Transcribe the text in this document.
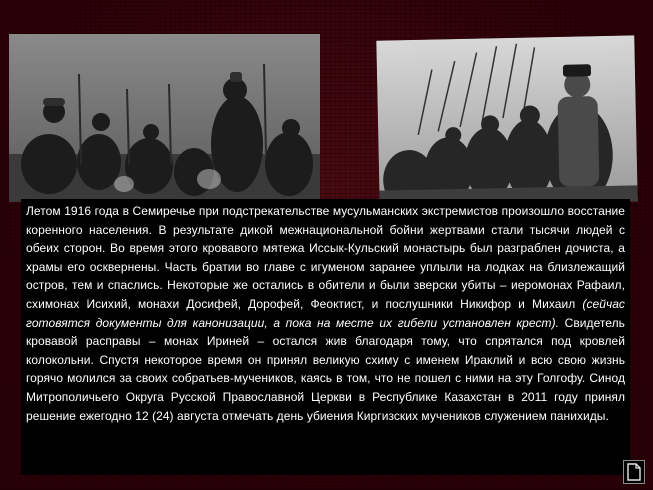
Летом 1916 года в Семиречье при подстрекательстве мусульманских экстремистов произошло восстание коренного населения. В результате дикой межнациональной бойни жертвами стали тысячи людей с обеих сторон. Во время этого кровавого мятежа Иссык-Кульский монастырь был разграблен дочиста, а храмы его осквернены. Часть братии во главе с игуменом заранее уплыли на лодках на близлежащий остров, тем и спаслись. Некоторые же остались в обители и были зверски убиты – иеромонах Рафаил, схимонах Исихий, монахи Досифей, Дорофей, Феоктист, и послушники Никифор и Михаил (сейчас готовятся документы для канонизации, а пока на месте их гибели установлен крест). Свидетель кровавой расправы – монах Ириней – остался жив благодаря тому, что спрятался под кровлей колокольни. Спустя некоторое время он принял великую схиму с именем Ираклий и всю свою жизнь горячо молился за своих собратьев-мучеников, каясь в том, что не пошел с ними на эту Голгофу. Синод Митрополичьего Округа Русской Православной Церкви в Республике Казахстан в 2011 году принял решение ежегодно 12 (24) августа отмечать день убиения Киргизских мучеников служением панихиды.
